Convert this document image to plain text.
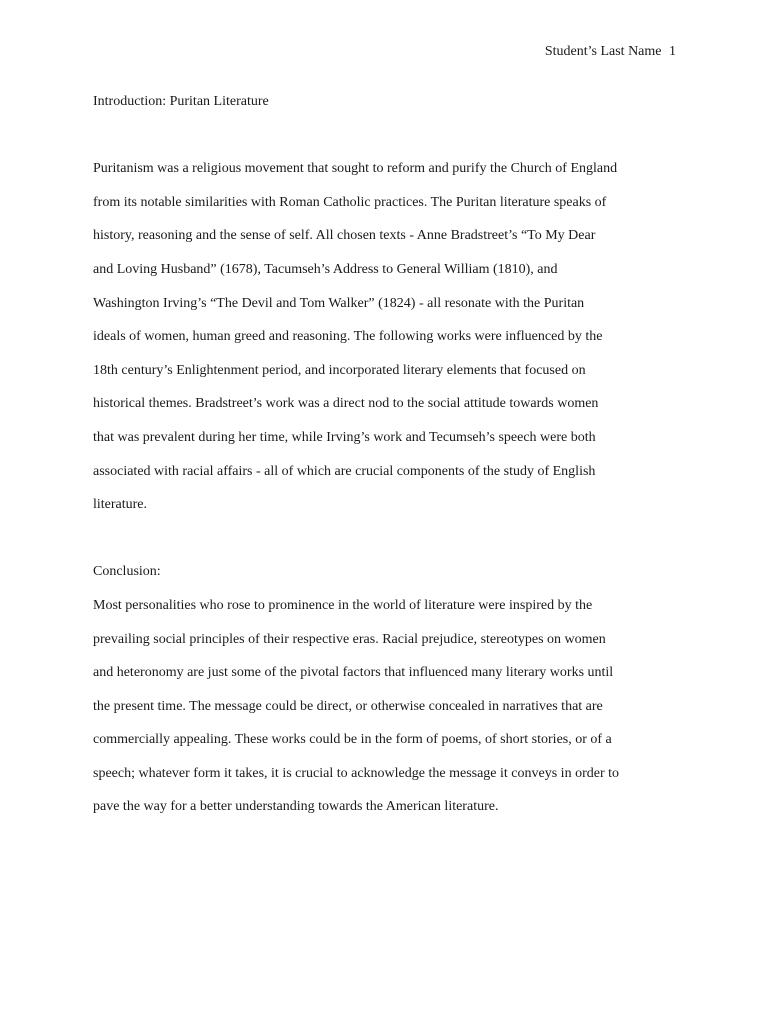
Student’s Last Name 1
Introduction: Puritan Literature
Puritanism was a religious movement that sought to reform and purify the Church of England
from its notable similarities with Roman Catholic practices. The Puritan literature speaks of
history, reasoning and the sense of self. All chosen texts - Anne Bradstreet’s “To My Dear
and Loving Husband” (1678), Tacumseh’s Address to General William (1810), and
Washington Irving’s “The Devil and Tom Walker” (1824) - all resonate with the Puritan
ideals of women, human greed and reasoning. The following works were influenced by the
18th century’s Enlightenment period, and incorporated literary elements that focused on
historical themes. Bradstreet’s work was a direct nod to the social attitude towards women
that was prevalent during her time, while Irving’s work and Tecumseh’s speech were both
associated with racial affairs - all of which are crucial components of the study of English
literature.
Conclusion:
Most personalities who rose to prominence in the world of literature were inspired by the
prevailing social principles of their respective eras. Racial prejudice, stereotypes on women
and heteronomy are just some of the pivotal factors that influenced many literary works until
the present time. The message could be direct, or otherwise concealed in narratives that are
commercially appealing. These works could be in the form of poems, of short stories, or of a
speech; whatever form it takes, it is crucial to acknowledge the message it conveys in order to
pave the way for a better understanding towards the American literature.
